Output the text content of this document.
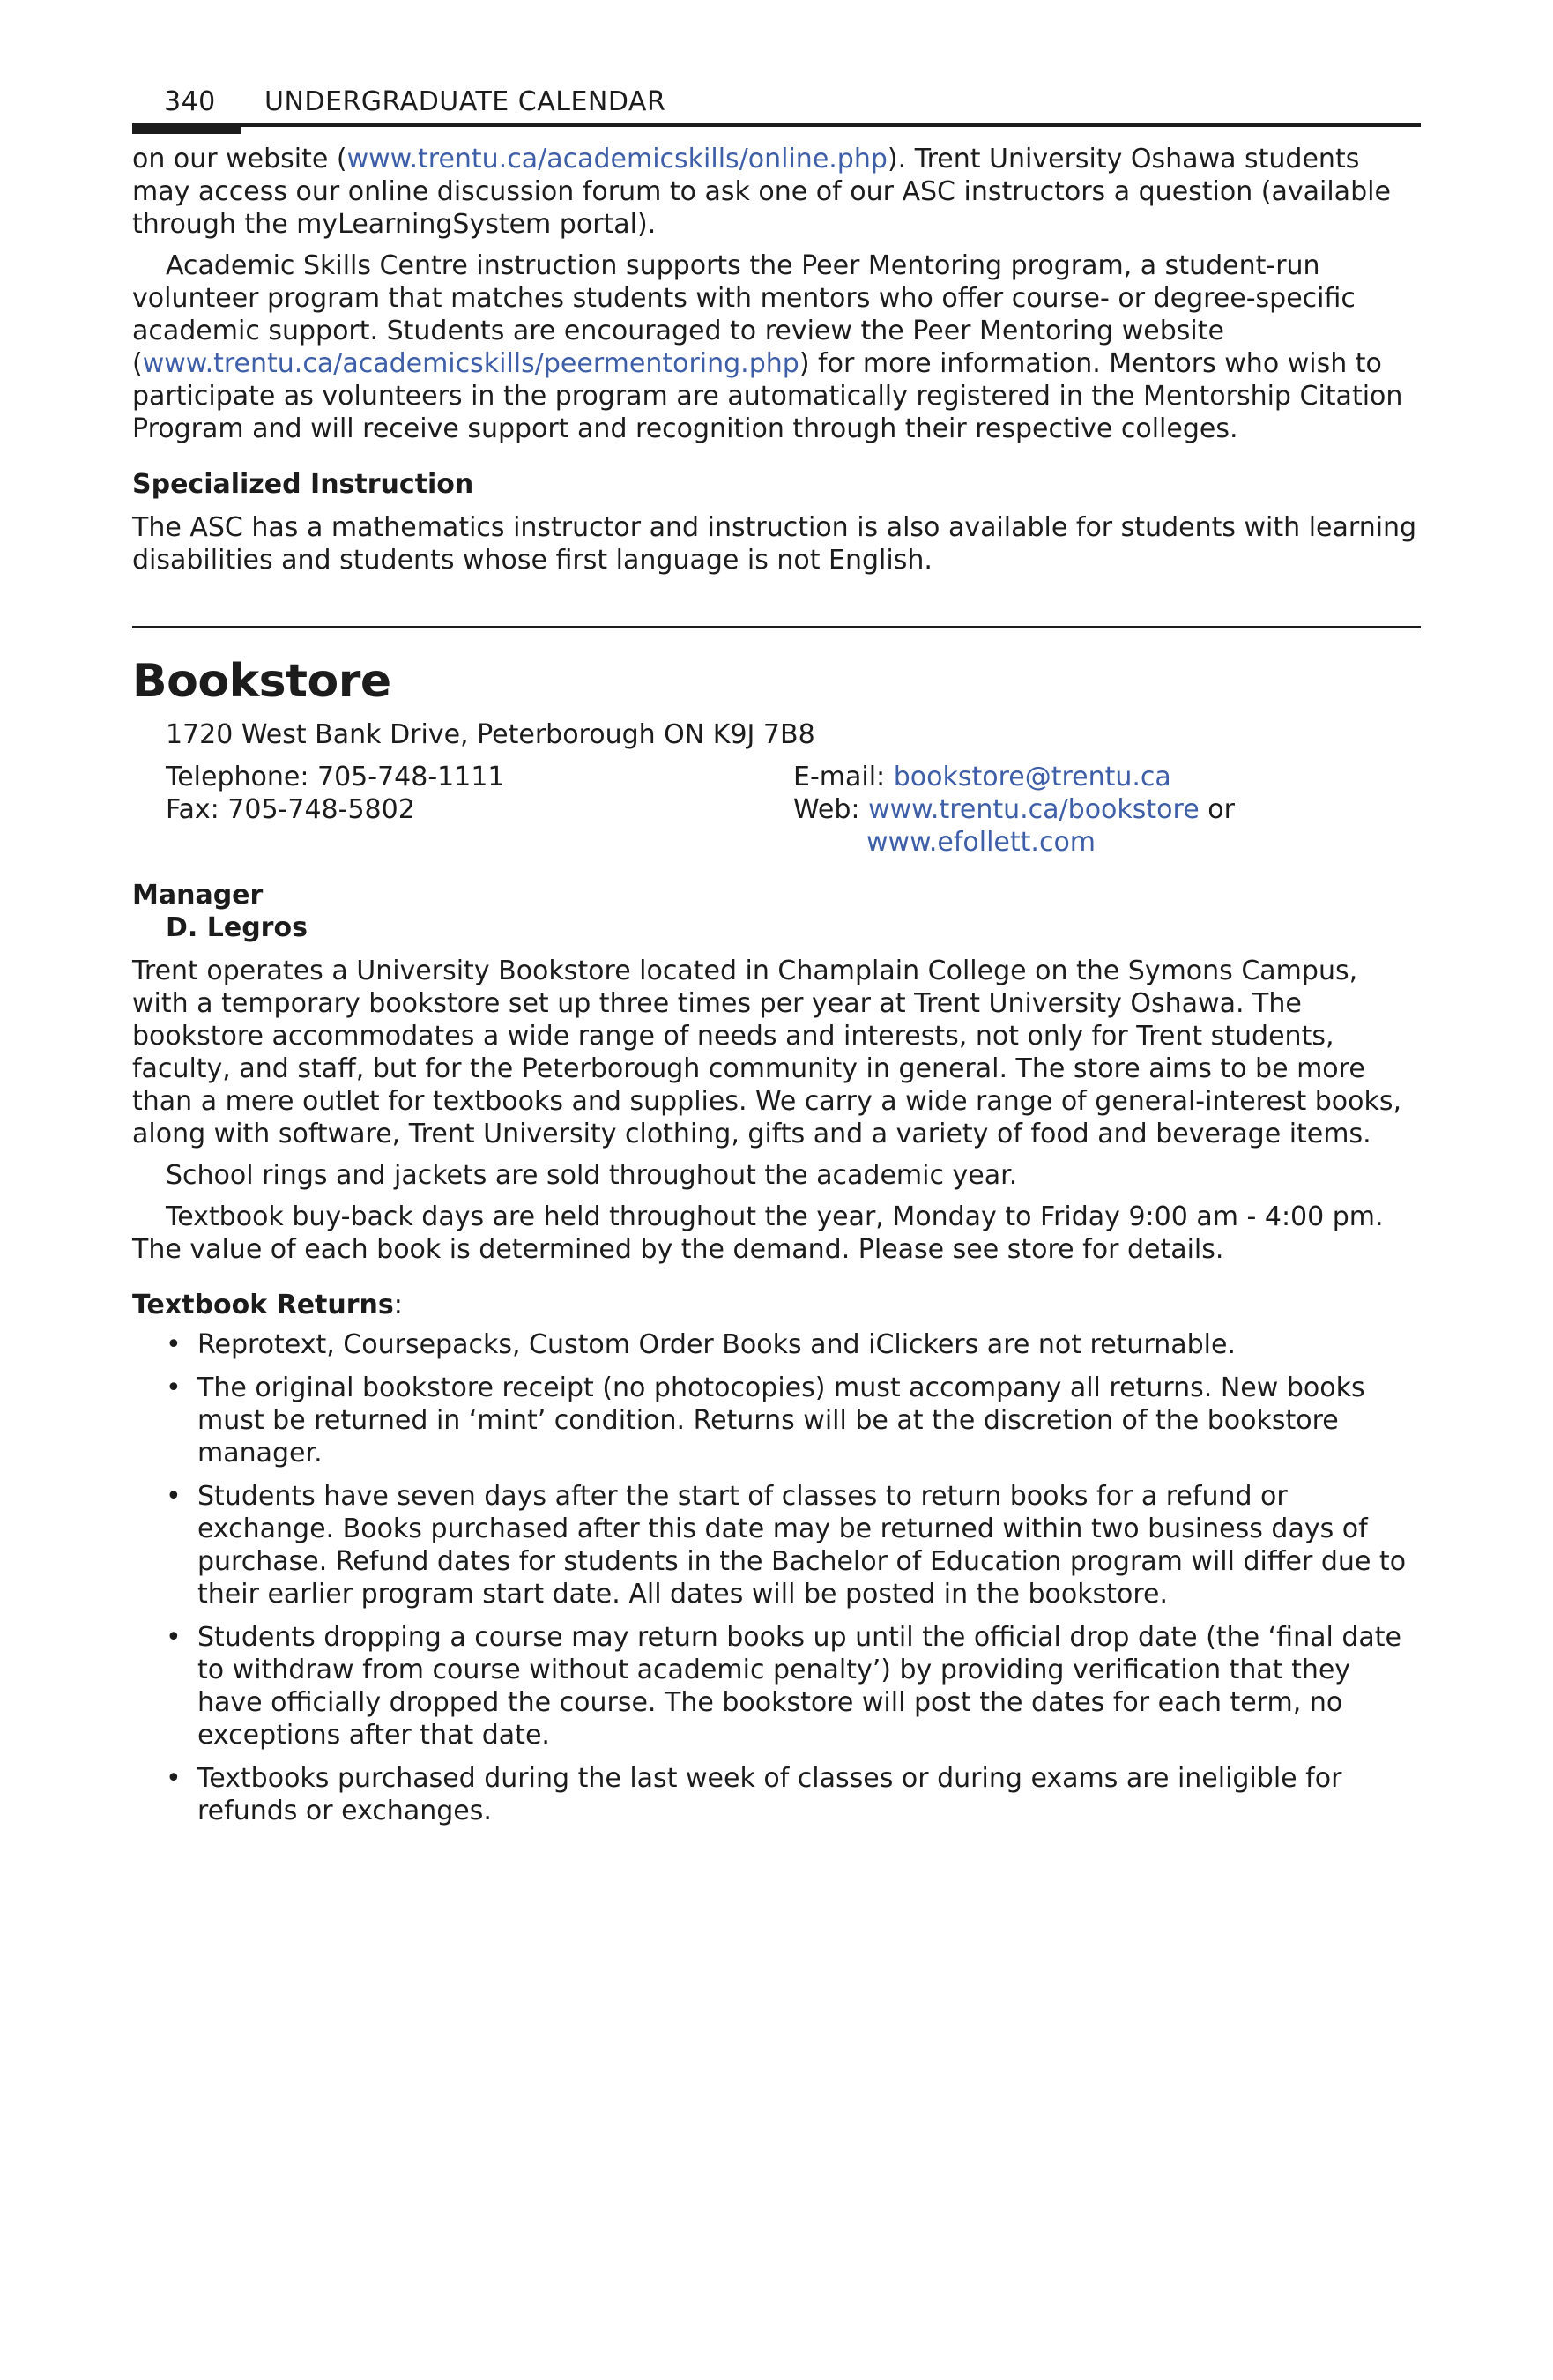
340 UNDERGRADUATE CALENDAR

on our website (www.trentu.ca/academicskills/online.php). Trent University Oshawa students may access our online discussion forum to ask one of our ASC instructors a question (available through the myLearningSystem portal).

Academic Skills Centre instruction supports the Peer Mentoring program, a student-run volunteer program that matches students with mentors who offer course- or degree-specific academic support. Students are encouraged to review the Peer Mentoring website (www.trentu.ca/academicskills/peermentoring.php) for more information. Mentors who wish to participate as volunteers in the program are automatically registered in the Mentorship Citation Program and will receive support and recognition through their respective colleges.

Specialized Instruction

The ASC has a mathematics instructor and instruction is also available for students with learning disabilities and students whose first language is not English.

Bookstore
1720 West Bank Drive, Peterborough ON K9J 7B8
Telephone: 705-748-1111
Fax: 705-748-5802
E-mail: bookstore@trentu.ca
Web: www.trentu.ca/bookstore or
www.efollett.com
Manager
D. Legros

Trent operates a University Bookstore located in Champlain College on the Symons Campus, with a temporary bookstore set up three times per year at Trent University Oshawa. The bookstore accommodates a wide range of needs and interests, not only for Trent students, faculty, and staff, but for the Peterborough community in general. The store aims to be more than a mere outlet for textbooks and supplies. We carry a wide range of general-interest books, along with software, Trent University clothing, gifts and a variety of food and beverage items.

School rings and jackets are sold throughout the academic year.

Textbook buy-back days are held throughout the year, Monday to Friday 9:00 am - 4:00 pm. The value of each book is determined by the demand. Please see store for details.

Textbook Returns:

• Reprotext, Coursepacks, Custom Order Books and iClickers are not returnable.
• The original bookstore receipt (no photocopies) must accompany all returns. New books must be returned in ‘mint’ condition. Returns will be at the discretion of the bookstore manager.
• Students have seven days after the start of classes to return books for a refund or exchange. Books purchased after this date may be returned within two business days of purchase. Refund dates for students in the Bachelor of Education program will differ due to their earlier program start date. All dates will be posted in the bookstore.
• Students dropping a course may return books up until the official drop date (the ‘final date to withdraw from course without academic penalty’) by providing verification that they have officially dropped the course. The bookstore will post the dates for each term, no exceptions after that date.
• Textbooks purchased during the last week of classes or during exams are ineligible for refunds or exchanges.
